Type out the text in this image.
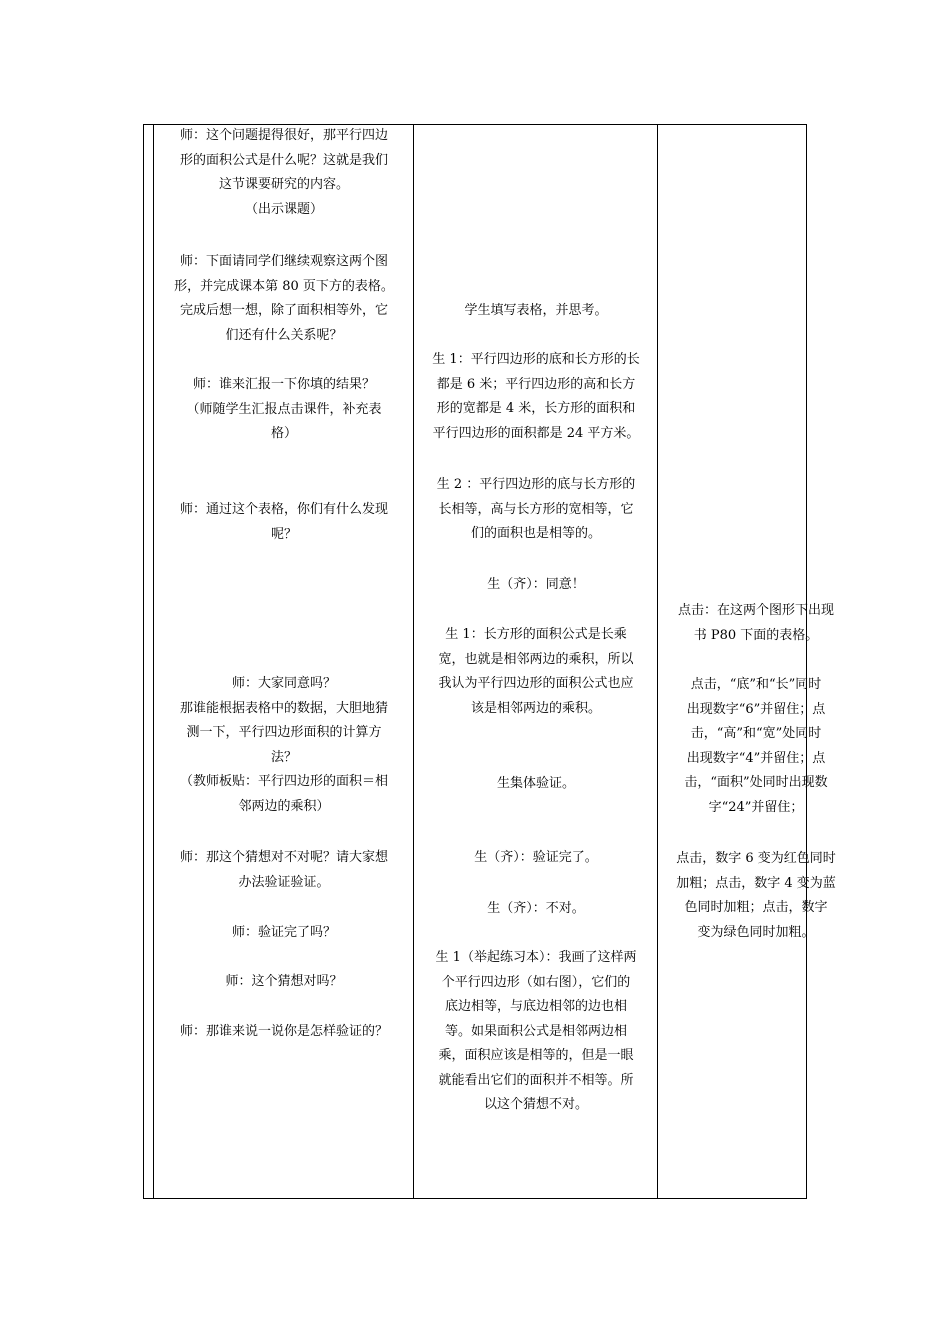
师：这个问题提得很好，那平行四边
形的面积公式是什么呢？这就是我们
这节课要研究的内容。
（出示课题）
师：下面请同学们继续观察这两个图
形，并完成课本第 80 页下方的表格。
完成后想一想，除了面积相等外，它
们还有什么关系呢？
师：谁来汇报一下你填的结果？
（师随学生汇报点击课件，补充表
格）
师：通过这个表格，你们有什么发现
呢？
师：大家同意吗？
那谁能根据表格中的数据，大胆地猜
测一下，平行四边形面积的计算方
法？
（教师板贴：平行四边形的面积＝相
邻两边的乘积）
师：那这个猜想对不对呢？请大家想
办法验证验证。
师：验证完了吗？
师：这个猜想对吗？
师：那谁来说一说你是怎样验证的？
学生填写表格，并思考。
生 1：平行四边形的底和长方形的长
都是 6 米；平行四边形的高和长方
形的宽都是 4 米，长方形的面积和
平行四边形的面积都是 24 平方米。
生 2 ：平行四边形的底与长方形的
长相等，高与长方形的宽相等，它
们的面积也是相等的。
生（齐）：同意！
生 1：长方形的面积公式是长乘
宽，也就是相邻两边的乘积，所以
我认为平行四边形的面积公式也应
该是相邻两边的乘积。
生集体验证。
生（齐）：验证完了。
生（齐）：不对。
生 1（举起练习本）：我画了这样两
个平行四边形（如右图），它们的
底边相等，与底边相邻的边也相
等。如果面积公式是相邻两边相
乘，面积应该是相等的，但是一眼
就能看出它们的面积并不相等。所
以这个猜想不对。
点击：在这两个图形下出现
书 P80 下面的表格。
点击，“底”和“长”同时
出现数字“6”并留住；点
击，“高”和“宽”处同时
出现数字“4”并留住；点
击，“面积”处同时出现数
字“24”并留住；
点击，数字 6 变为红色同时
加粗；点击，数字 4 变为蓝
色同时加粗；点击，数字
变为绿色同时加粗。
